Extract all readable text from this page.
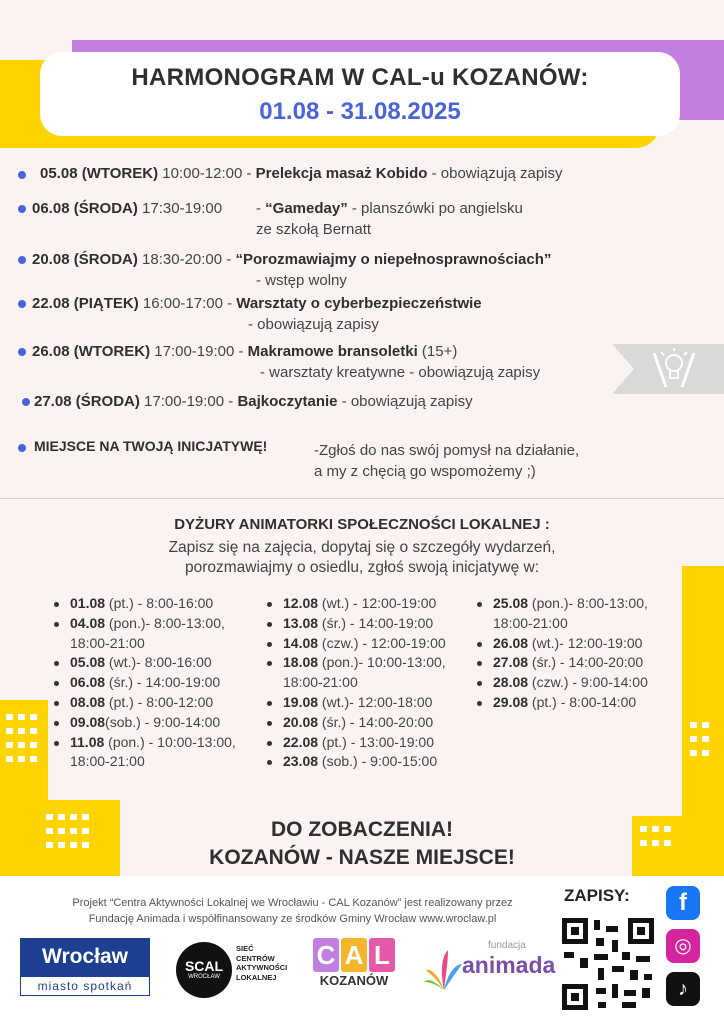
HARMONOGRAM W CAL-u KOZANÓW:
01.08 - 31.08.2025
05.08 (WTOREK) 10:00-12:00 - Prelekcja masaż Kobido - obowiązują zapisy
06.08 (ŚRODA) 17:30-19:00 - “Gameday” - planszówki po angielsku
ze szkołą Bernatt
20.08 (ŚRODA) 18:30-20:00 - “Porozmawiajmy o niepełnosprawnościach”
- wstęp wolny
22.08 (PIĄTEK) 16:00-17:00 - Warsztaty o cyberbezpieczeństwie
- obowiązują zapisy
26.08 (WTOREK) 17:00-19:00 - Makramowe bransoletki (15+)
- warsztaty kreatywne - obowiązują zapisy
27.08 (ŚRODA) 17:00-19:00 - Bajkoczytanie - obowiązują zapisy
MIEJSCE NA TWOJĄ INICJATYWĘ!	-Zgłoś do nas swój pomysł na działanie,
a my z chęcią go wspomożemy ;)
DYŻURY ANIMATORKI SPOŁECZNOŚCI LOKALNEJ :
Zapisz się na zajęcia, dopytaj się o szczegóły wydarzeń,
porozmawiajmy o osiedlu, zgłoś swoją inicjatywę w:
01.08 (pt.) - 8:00-16:00
04.08 (pon.)- 8:00-13:00,
18:00-21:00
05.08 (wt.)- 8:00-16:00
06.08 (śr.) - 14:00-19:00
08.08 (pt.) - 8:00-12:00
09.08(sob.) - 9:00-14:00
11.08 (pon.) - 10:00-13:00,
18:00-21:00
12.08 (wt.) - 12:00-19:00
13.08 (śr.) - 14:00-19:00
14.08 (czw.) - 12:00-19:00
18.08 (pon.)- 10:00-13:00,
18:00-21:00
19.08 (wt.)- 12:00-18:00
20.08 (śr.) - 14:00-20:00
22.08 (pt.) - 13:00-19:00
23.08 (sob.) - 9:00-15:00
25.08 (pon.)- 8:00-13:00,
18:00-21:00
26.08 (wt.)- 12:00-19:00
27.08 (śr.) - 14:00-20:00
28.08 (czw.) - 9:00-14:00
29.08 (pt.) - 8:00-14:00
DO ZOBACZENIA!
KOZANÓW - NASZE MIEJSCE!
Projekt “Centra Aktywności Lokalnej we Wrocławiu - CAL Kozanów” jest realizowany przez
Fundację Animada i współfinansowany ze środków Gminy Wrocław www.wroclaw.pl
ZAPISY:
Wrocław
miasto spotkań
SCAL
WROCŁAW
SIEĆ
CENTRÓW
AKTYWNOŚCI
LOKALNEJ
C A L
KOZANÓW
fundacja
animada
f
◎
♪
